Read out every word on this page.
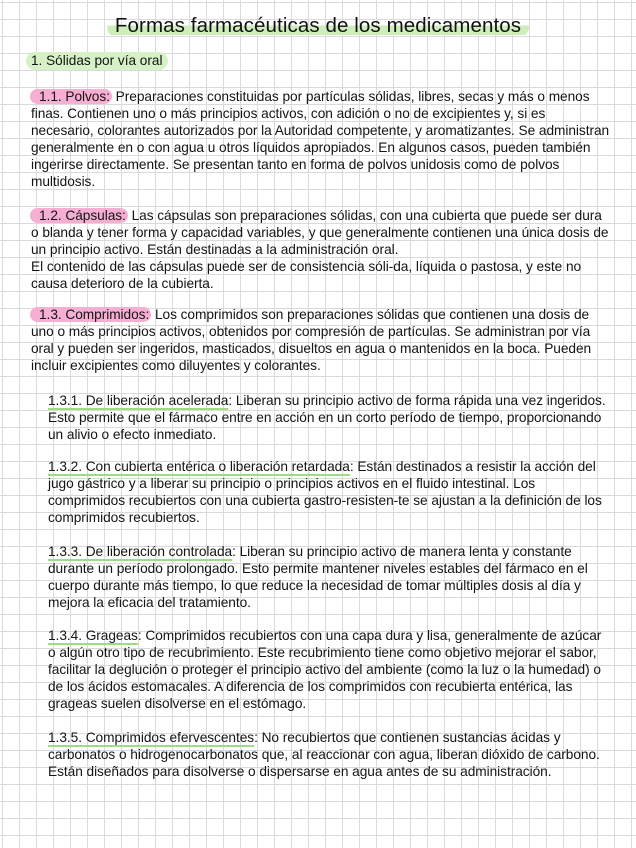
Formas farmacéuticas de los medicamentos
1. Sólidas por vía oral

1.1. Polvos: Preparaciones constituidas por partículas sólidas, libres, secas y más o menos finas. Contienen uno o más principios activos, con adición o no de excipientes y, si es necesario, colorantes autorizados por la Autoridad competente, y aromatizantes. Se administran generalmente en o con agua u otros líquidos apropiados. En algunos casos, pueden también ingerirse directamente. Se presentan tanto en forma de polvos unidosis como de polvos multidosis.

1.2. Cápsulas: Las cápsulas son preparaciones sólidas, con una cubierta que puede ser dura o blanda y tener forma y capacidad variables, y que generalmente contienen una única dosis de un principio activo. Están destinadas a la administración oral.

El contenido de las cápsulas puede ser de consistencia sóli-da, líquida o pastosa, y este no causa deterioro de la cubierta.

1.3. Comprimidos: Los comprimidos son preparaciones sólidas que contienen una dosis de uno o más principios activos, obtenidos por compresión de partículas. Se administran por vía oral y pueden ser ingeridos, masticados, disueltos en agua o mantenidos en la boca. Pueden incluir excipientes como diluyentes y colorantes.

1.3.1. De liberación acelerada: Liberan su principio activo de forma rápida una vez ingeridos. Esto permite que el fármaco entre en acción en un corto período de tiempo, proporcionando un alivio o efecto inmediato.

1.3.2. Con cubierta entérica o liberación retardada: Están destinados a resistir la acción del jugo gástrico y a liberar su principio o principios activos en el fluido intestinal. Los comprimidos recubiertos con una cubierta gastro-resisten-te se ajustan a la definición de los comprimidos recubiertos.

1.3.3. De liberación controlada: Liberan su principio activo de manera lenta y constante durante un período prolongado. Esto permite mantener niveles estables del fármaco en el cuerpo durante más tiempo, lo que reduce la necesidad de tomar múltiples dosis al día y mejora la eficacia del tratamiento.

1.3.4. Grageas: Comprimidos recubiertos con una capa dura y lisa, generalmente de azúcar o algún otro tipo de recubrimiento. Este recubrimiento tiene como objetivo mejorar el sabor, facilitar la deglución o proteger el principio activo del ambiente (como la luz o la humedad) o de los ácidos estomacales. A diferencia de los comprimidos con recubierta entérica, las grageas suelen disolverse en el estómago.

1.3.5. Comprimidos efervescentes: No recubiertos que contienen sustancias ácidas y carbonatos o hidrogenocarbonatos que, al reaccionar con agua, liberan dióxido de carbono. Están diseñados para disolverse o dispersarse en agua antes de su administración.
